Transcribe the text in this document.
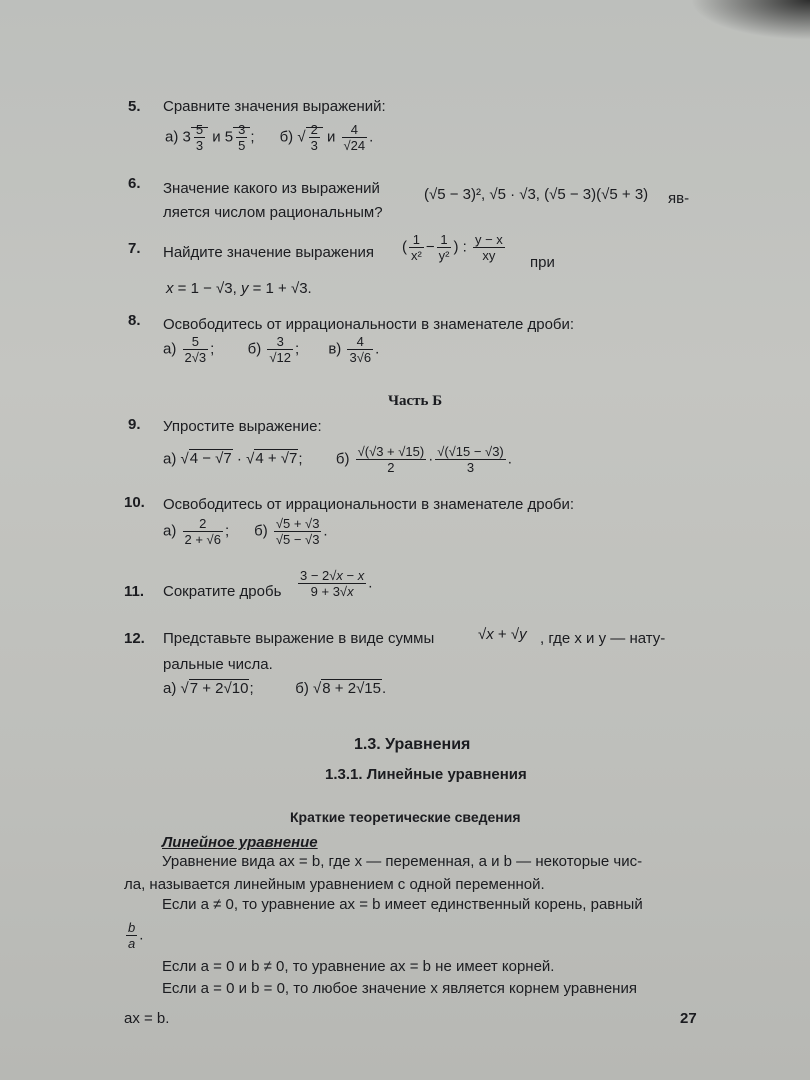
5. Сравните значения выражений:
а) $3 \frac{5}{3}$ и $5 \frac{3}{5}$ ;      б) √ $\frac{2}{3}$ и $\frac{4}{√24}$ .
6. Значение какого из выражений	(√5 − 3)², √5 · √3, (√5 − 3)(√5 + 3) яв-
ляется числом рациональным?
7. Найдите значение выражения ( $\frac{1}{\text{x²}} - \frac{1}{\text{y²}}$ ) : $\frac{y - x}{xy}$ при
x = 1 − √3, y = 1 + √3.
8. Освободитесь от иррациональности в знаменателе дроби:
$а) \frac{5}{2√3}$ ;        $б) \frac{3}{√12}$ ;       $в) \frac{4}{3√6}$ .
Часть Б
9. Упростите выражение:
а) √4 − √7 · √4 + √7;        $б) \frac{√(√3 + √15)}{2} \cdot \frac{√(√15 - √3)}{3}$ .
10. Освободитесь от иррациональности в знаменателе дроби:
$а) \frac{2}{2 + √6}$ ;      $б) \frac{√5 + √3}{√5 - √3}$ .
11. Сократите дробь $\frac{3 - 2√x - x}{9 + 3√x}$ .
12. Представьте выражение в виде суммы	√x + √y , где x и y — нату-
ральные числа.
а) √7 + 2√10;          б) √8 + 2√15.
1.3. Уравнения
1.3.1. Линейные уравнения
Краткие теоретические сведения
Линейное уравнение
Уравнение вида ax = b, где x — переменная, a и b — некоторые чис-
ла, называется линейным уравнением с одной переменной.
Если a ≠ 0, то уравнение ax = b имеет единственный корень, равный
$\frac{b}{a}$ .
Если a = 0 и b ≠ 0, то уравнение ax = b не имеет корней.
Если a = 0 и b = 0, то любое значение x является корнем уравнения
ax = b.	27
